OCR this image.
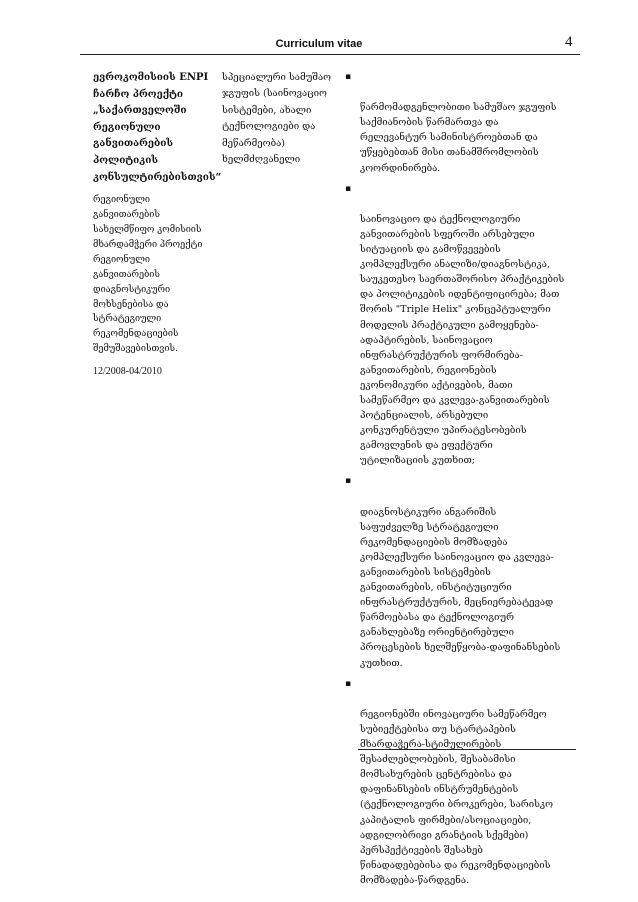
Curriculum vitae	4
ევროკომისიის ENPI
ჩარჩო პროექტი
„საქართველოში
რეგიონული
განვითარების
პოლიტიკის
კონსულტირებისთვის“
რეგიონული
განვითარების
სახელმწიფო კომისიის
მხარდამჭერი პროექტი
რეგიონული
განვითარების
დიაგნოსტიკური
მოხსენებისა და
სტრატეგიული
რეკომენდაციების
შემუშავებისთვის.
12/2008-04/2010
სპეციალური სამუშაო
ჯგუფის (საინოვაციო
სისტემები, ახალი
ტექნოლოგიები და
მეწარმეობა)
ხელმძღვანელი

▪

წარმომადგენლობითი სამუშაო ჯგუფის
საქმიანობის წარმართვა და
რელევანტურ სამინისტროებთან და
უწყებებთან მისი თანამშრომლობის
კოორდინირება.

▪

საინოვაციო და ტექნოლოგიური
განვითარების სფეროში არსებული
სიტუაციის და გამოწვევების
კომპლექსური ანალიზი/დიაგნოსტიკა,
საუკეთესო საერთაშორისო პრაქტიკების
და პოლიტიკების იდენტიფიცირება; მათ
შორის "Triple Helix" კონცეპტუალური
მოდელის პრაქტიკული გამოყენება-
ადაპტირების, საინოვაციო
ინფრასტრუქტურის ფორმირება-
განვითარების, რეგიონების
ეკონომიკური აქტივების, მათი
სამეწარმეო და კვლევა-განვითარების
პოტენციალის, არსებული
კონკურენტული უპირატესობების
გამოვლენის და ეფექტური
უტილიზაციის კუთხით;

▪

დიაგნოსტიკური ანგარიშის
საფუძველზე სტრატეგიული
რეკომენდაციების მომზადება
კომპლექსური საინოვაციო და კვლევა-
განვითარების სისტემების
განვითარების, ინსტიტუციური
ინფრასტრუქტურის, მეცნიერებატევად
წარმოებასა და ტექნოლოგიურ
განახლებაზე ორიენტირებული
პროცესების ხელშეწყობა-დაფინანსების
კუთხით.

▪

რეგიონებში ინოვაციური სამეწარმეო
სუბიექტებისა თუ სტარტაპების
მხარდაჭერა-სტიმულირების
შესაძლებლობების, შესაბამისი
მომსახურების ცენტრებისა და
დაფინანსების ინსტრუმენტების
(ტექნოლოგიური ბროკერები, სარისკო
კაპიტალის ფირმები/ასოციაციები,
ადგილობრივი გრანტიის სქემები)
პერსპექტივების შესახებ
წინადადებებისა და რეკომენდაციების
მომზადება-წარდგენა.
